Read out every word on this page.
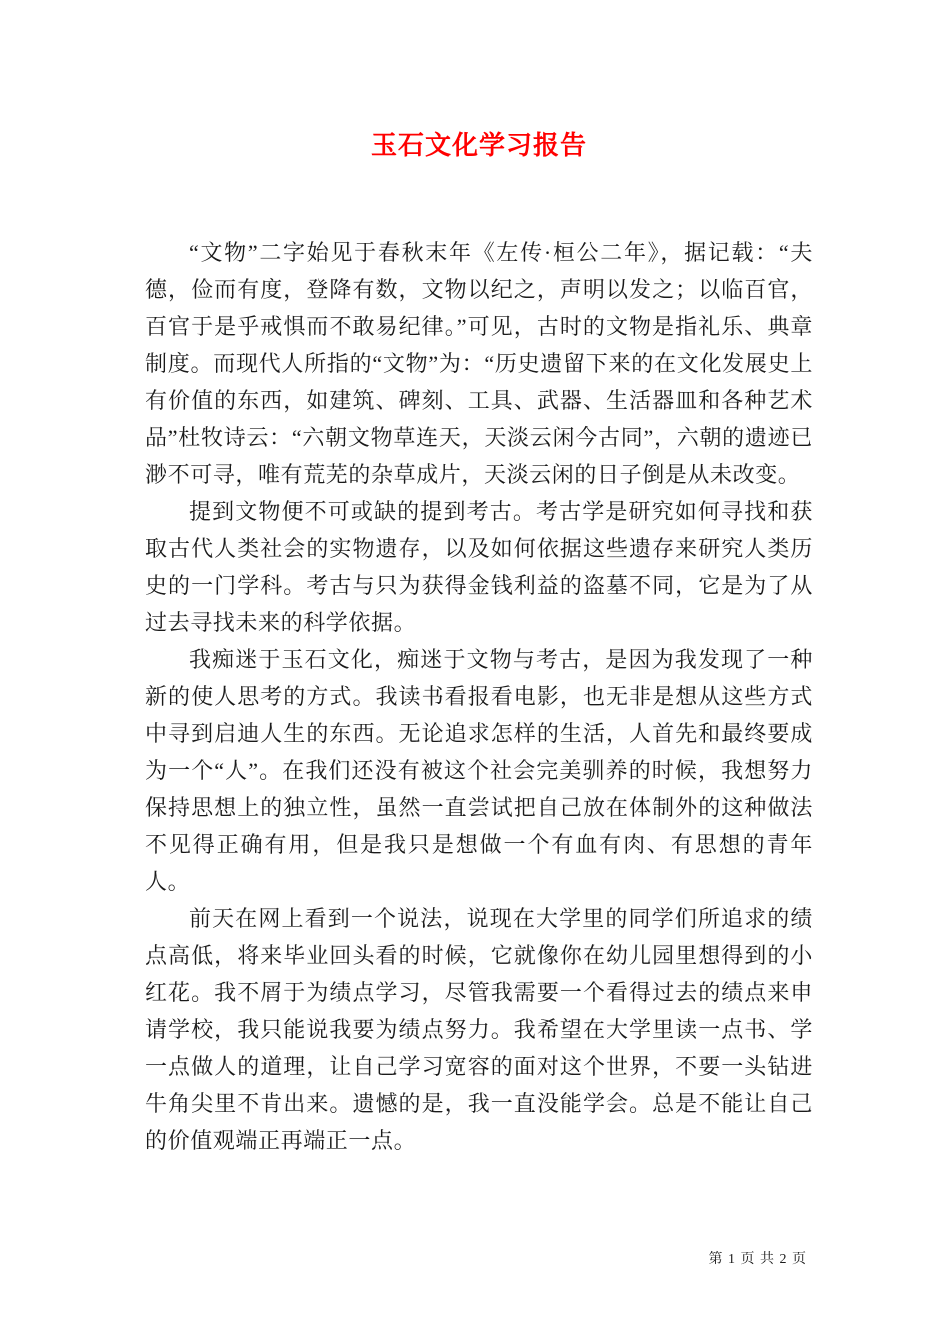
玉石文化学习报告

“文物”二字始见于春秋末年《左传·桓公二年》，据记载：“夫德，俭而有度，登降有数，文物以纪之，声明以发之；以临百官，百官于是乎戒惧而不敢易纪律。”可见，古时的文物是指礼乐、典章制度。而现代人所指的“文物”为：“历史遗留下来的在文化发展史上有价值的东西，如建筑、碑刻、工具、武器、生活器皿和各种艺术品”杜牧诗云：“六朝文物草连天，天淡云闲今古同”，六朝的遗迹已渺不可寻，唯有荒芜的杂草成片，天淡云闲的日子倒是从未改变。

提到文物便不可或缺的提到考古。考古学是研究如何寻找和获取古代人类社会的实物遗存，以及如何依据这些遗存来研究人类历史的一门学科。考古与只为获得金钱利益的盗墓不同，它是为了从过去寻找未来的科学依据。

我痴迷于玉石文化，痴迷于文物与考古，是因为我发现了一种新的使人思考的方式。我读书看报看电影，也无非是想从这些方式中寻到启迪人生的东西。无论追求怎样的生活，人首先和最终要成为一个“人”。在我们还没有被这个社会完美驯养的时候，我想努力保持思想上的独立性，虽然一直尝试把自己放在体制外的这种做法不见得正确有用，但是我只是想做一个有血有肉、有思想的青年人。

前天在网上看到一个说法，说现在大学里的同学们所追求的绩点高低，将来毕业回头看的时候，它就像你在幼儿园里想得到的小红花。我不屑于为绩点学习，尽管我需要一个看得过去的绩点来申请学校，我只能说我要为绩点努力。我希望在大学里读一点书、学一点做人的道理，让自己学习宽容的面对这个世界，不要一头钻进牛角尖里不肯出来。遗憾的是，我一直没能学会。总是不能让自己的价值观端正再端正一点。

第 1 页 共 2 页
